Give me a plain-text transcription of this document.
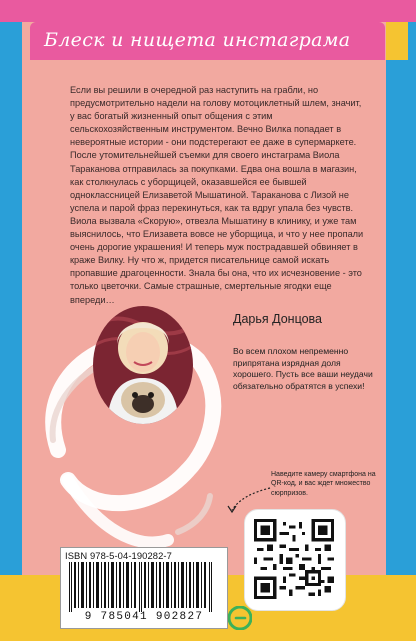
Блеск и нищета инстаграма
Если вы решили в очередной раз наступить на грабли, но предусмотрительно надели на голову мотоциклетный шлем, значит, у вас богатый жизненный опыт общения с этим сельскохозяйственным инструментом. Вечно Вилка попадает в невероятные истории - они подстерегают ее даже в супермаркете. После утомительнейшей съемки для своего инстаграма Виола Тараканова отправилась за покупками. Едва она вошла в магазин, как столкнулась с уборщицей, оказавшейся ее бывшей одноклассницей Елизаветой Мышатиной. Тараканова с Лизой не успела и парой фраз перекинуться, как та вдруг упала без чувств. Виола вызвала «Скорую», отвезла Мышатину в клинику, и уже там выяснилось, что Елизавета вовсе не уборщица, и что у нее пропали очень дорогие украшения! И теперь муж пострадавшей обвиняет в краже Вилку. Ну что ж, придется писательнице самой искать пропавшие драгоценности. Знала бы она, что их исчезновение - это только цветочки. Самые страшные, смертельные ягодки еще впереди…
Дарья Донцова
Во всем плохом непременно припрятана изрядная доля хорошего. Пусть все ваши неудачи обязательно обратятся в успехи!
Наведите камеру смартфона на QR-код, и вас ждет множество сюрпризов.
ISBN 978-5-04-190282-7
9 785041 902827
